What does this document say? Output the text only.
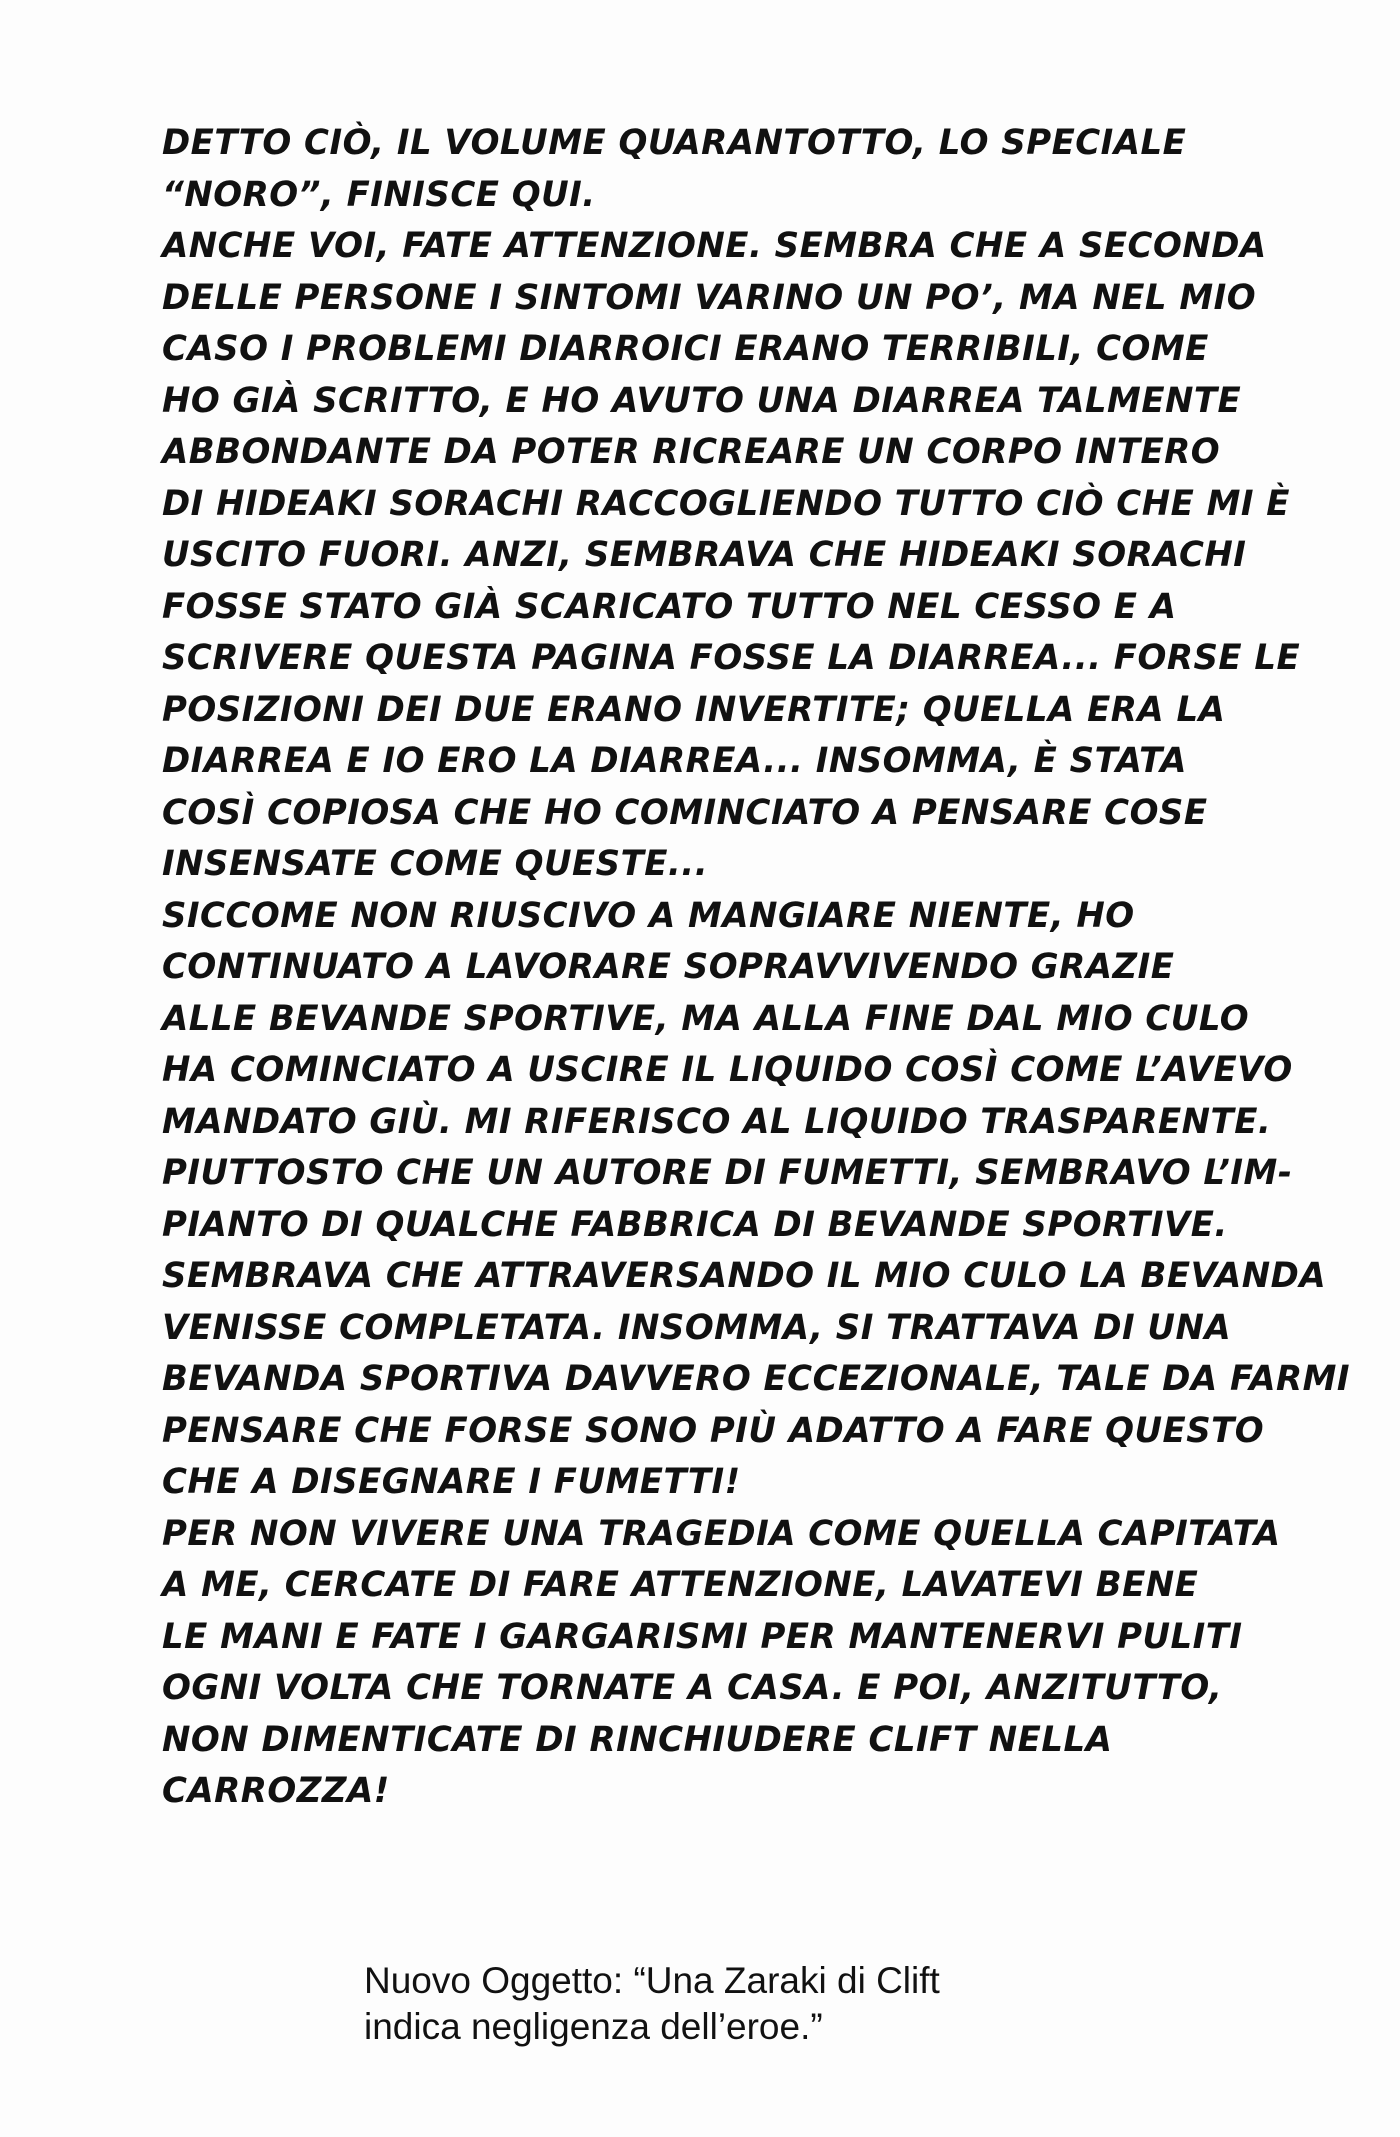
DETTO CIÒ, IL VOLUME QUARANTOTTO, LO SPECIALE
“NORO”, FINISCE QUI.
ANCHE VOI, FATE ATTENZIONE. SEMBRA CHE A SECONDA
DELLE PERSONE I SINTOMI VARINO UN PO’, MA NEL MIO
CASO I PROBLEMI DIARROICI ERANO TERRIBILI, COME
HO GIÀ SCRITTO, E HO AVUTO UNA DIARREA TALMENTE
ABBONDANTE DA POTER RICREARE UN CORPO INTERO
DI HIDEAKI SORACHI RACCOGLIENDO TUTTO CIÒ CHE MI È
USCITO FUORI. ANZI, SEMBRAVA CHE HIDEAKI SORACHI
FOSSE STATO GIÀ SCARICATO TUTTO NEL CESSO E A
SCRIVERE QUESTA PAGINA FOSSE LA DIARREA... FORSE LE
POSIZIONI DEI DUE ERANO INVERTITE; QUELLA ERA LA
DIARREA E IO ERO LA DIARREA... INSOMMA, È STATA
COSÌ COPIOSA CHE HO COMINCIATO A PENSARE COSE
INSENSATE COME QUESTE...
SICCOME NON RIUSCIVO A MANGIARE NIENTE, HO
CONTINUATO A LAVORARE SOPRAVVIVENDO GRAZIE
ALLE BEVANDE SPORTIVE, MA ALLA FINE DAL MIO CULO
HA COMINCIATO A USCIRE IL LIQUIDO COSÌ COME L’AVEVO
MANDATO GIÙ. MI RIFERISCO AL LIQUIDO TRASPARENTE.
PIUTTOSTO CHE UN AUTORE DI FUMETTI, SEMBRAVO L’IM-
PIANTO DI QUALCHE FABBRICA DI BEVANDE SPORTIVE.
SEMBRAVA CHE ATTRAVERSANDO IL MIO CULO LA BEVANDA
VENISSE COMPLETATA. INSOMMA, SI TRATTAVA DI UNA
BEVANDA SPORTIVA DAVVERO ECCEZIONALE, TALE DA FARMI
PENSARE CHE FORSE SONO PIÙ ADATTO A FARE QUESTO
CHE A DISEGNARE I FUMETTI!
PER NON VIVERE UNA TRAGEDIA COME QUELLA CAPITATA
A ME, CERCATE DI FARE ATTENZIONE, LAVATEVI BENE
LE MANI E FATE I GARGARISMI PER MANTENERVI PULITI
OGNI VOLTA CHE TORNATE A CASA. E POI, ANZITUTTO,
NON DIMENTICATE DI RINCHIUDERE CLIFT NELLA
CARROZZA!
Nuovo Oggetto: “Una Zaraki di Clift
indica negligenza dell’eroe.”
